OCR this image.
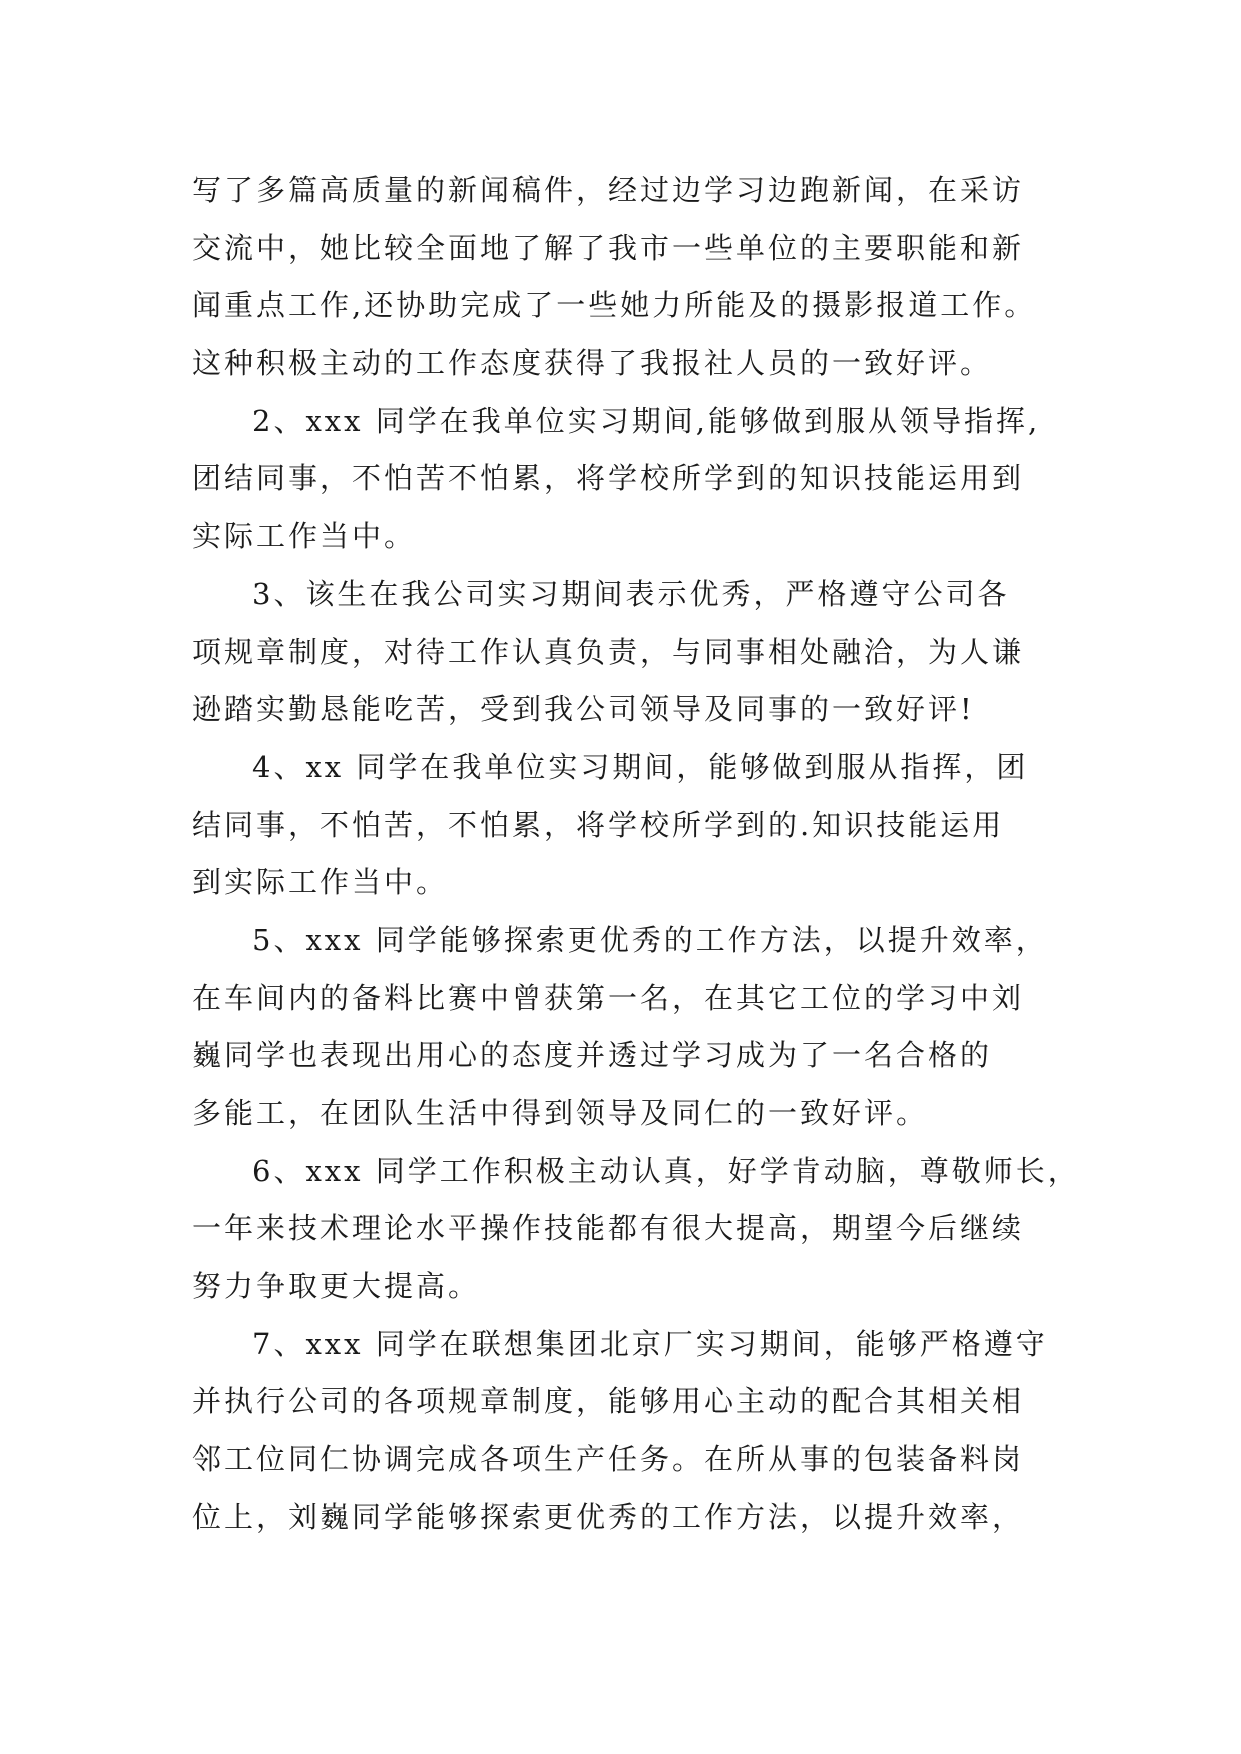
写了多篇高质量的新闻稿件，经过边学习边跑新闻，在采访
交流中，她比较全面地了解了我市一些单位的主要职能和新
闻重点工作,还协助完成了一些她力所能及的摄影报道工作。
这种积极主动的工作态度获得了我报社人员的一致好评。
2、xxx 同学在我单位实习期间,能够做到服从领导指挥,
团结同事，不怕苦不怕累，将学校所学到的知识技能运用到
实际工作当中。
3、该生在我公司实习期间表示优秀，严格遵守公司各
项规章制度，对待工作认真负责，与同事相处融洽，为人谦
逊踏实勤恳能吃苦，受到我公司领导及同事的一致好评!
4、xx 同学在我单位实习期间，能够做到服从指挥，团
结同事，不怕苦，不怕累，将学校所学到的.知识技能运用
到实际工作当中。
5、xxx 同学能够探索更优秀的工作方法，以提升效率，
在车间内的备料比赛中曾获第一名，在其它工位的学习中刘
巍同学也表现出用心的态度并透过学习成为了一名合格的
多能工，在团队生活中得到领导及同仁的一致好评。
6、xxx 同学工作积极主动认真，好学肯动脑，尊敬师长，
一年来技术理论水平操作技能都有很大提高，期望今后继续
努力争取更大提高。
7、xxx 同学在联想集团北京厂实习期间，能够严格遵守
并执行公司的各项规章制度，能够用心主动的配合其相关相
邻工位同仁协调完成各项生产任务。在所从事的包装备料岗
位上，刘巍同学能够探索更优秀的工作方法，以提升效率，
